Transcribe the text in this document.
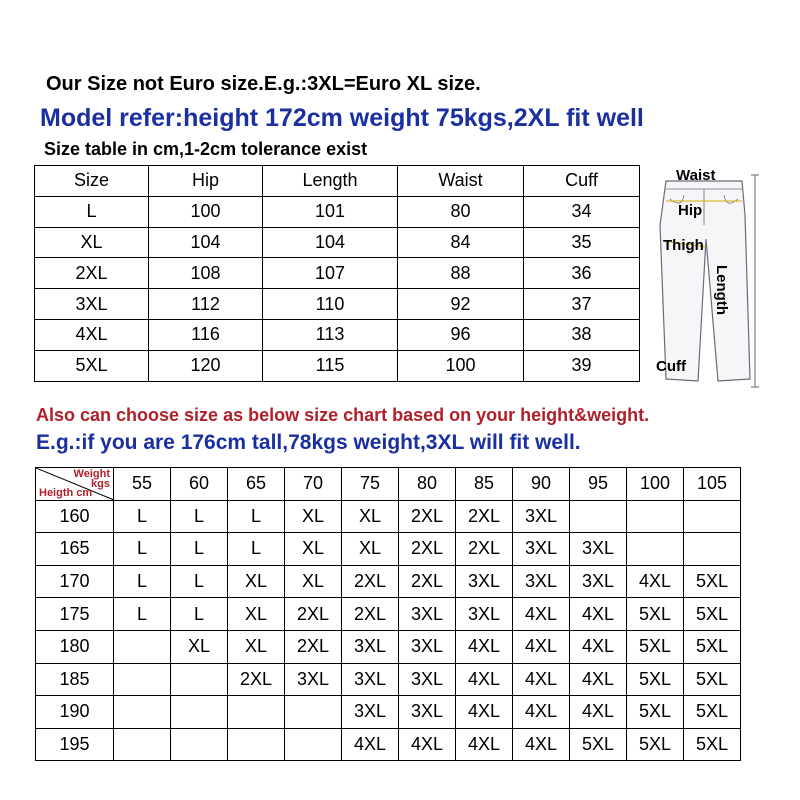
Our Size not Euro size.E.g.:3XL=Euro XL size.
Model refer:height 172cm weight 75kgs,2XL fit well
Size table in cm,1-2cm tolerance exist
Size	Hip	Length	Waist	Cuff
L	100	101	80	34
XL	104	104	84	35
2XL	108	107	88	36
3XL	112	110	92	37
4XL	116	113	96	38
5XL	120	115	100	39
Waist
Hip
Thigh
Cuff
Length
Also can choose size as below size chart based on your height&weight.
E.g.:if you are 176cm tall,78kgs weight,3XL will fit well.
Weight
kgs
Heigth cm	55	60	65	70	75	80	85	90	95	100	105
160	L	L	L	XL	XL	2XL	2XL	3XL			
165	L	L	L	XL	XL	2XL	2XL	3XL	3XL		
170	L	L	XL	XL	2XL	2XL	3XL	3XL	3XL	4XL	5XL
175	L	L	XL	2XL	2XL	3XL	3XL	4XL	4XL	5XL	5XL
180		XL	XL	2XL	3XL	3XL	4XL	4XL	4XL	5XL	5XL
185			2XL	3XL	3XL	3XL	4XL	4XL	4XL	5XL	5XL
190					3XL	3XL	4XL	4XL	4XL	5XL	5XL
195					4XL	4XL	4XL	4XL	5XL	5XL	5XL
